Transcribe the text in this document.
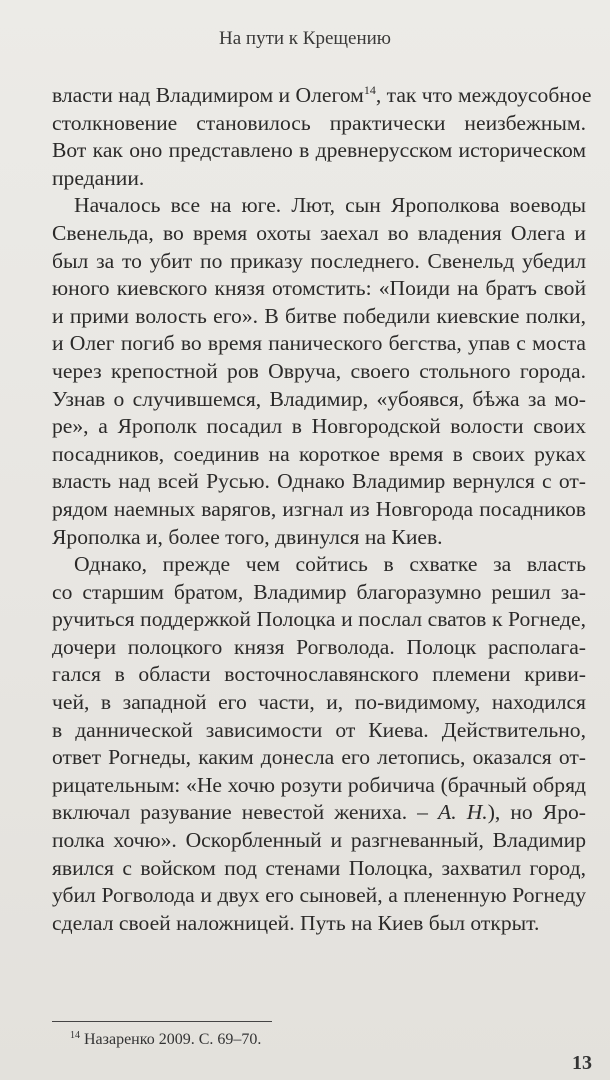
На пути к Крещению
власти над Владимиром и Олегом$^{14}$, так что междоусобное
столкновение становилось практически неизбежным.
Вот как оно представлено в древнерусском историческом
предании.
Началось все на юге. Лют, сын Ярополкова воеводы
Свенельда, во время охоты заехал во владения Олега и
был за то убит по приказу последнего. Свенельд убедил
юного киевского князя отомстить: «Поиди на братъ свой
и прими волость его». В битве победили киевские полки,
и Олег погиб во время панического бегства, упав с моста
через крепостной ров Овруча, своего стольного города.
Узнав о случившемся, Владимир, «убоявся, бѣжа за мо-
ре», а Ярополк посадил в Новгородской волости своих
посадников, соединив на короткое время в своих руках
власть над всей Русью. Однако Владимир вернулся с от-
рядом наемных варягов, изгнал из Новгорода посадников
Ярополка и, более того, двинулся на Киев.
Однако, прежде чем сойтись в схватке за власть
со старшим братом, Владимир благоразумно решил за-
ручиться поддержкой Полоцка и послал сватов к Рогнеде,
дочери полоцкого князя Рогволода. Полоцк располага-
гался в области восточнославянского племени криви-
чей, в западной его части, и, по-видимому, находился
в даннической зависимости от Киева. Действительно,
ответ Рогнеды, каким донесла его летопись, оказался от-
рицательным: «Не хочю розути робичича (брачный обряд
включал разувание невестой жениха. – А. Н.), но Яро-
полка хочю». Оскорбленный и разгневанный, Владимир
явился с войском под стенами Полоцка, захватил город,
убил Рогволода и двух его сыновей, а плененную Рогнеду
сделал своей наложницей. Путь на Киев был открыт.
$^{14}$ Назаренко 2009. С. 69–70.
13
